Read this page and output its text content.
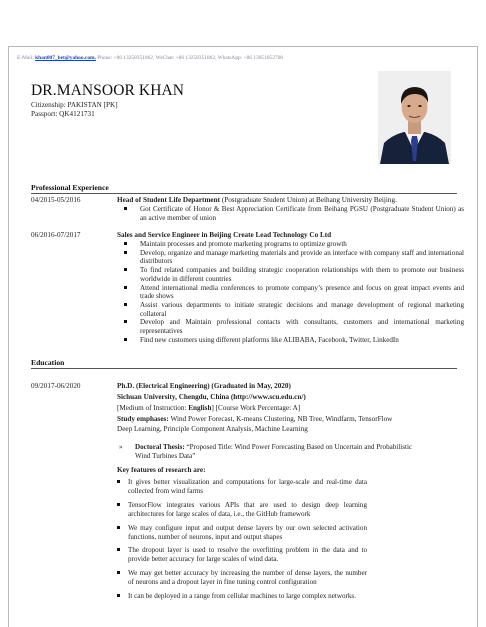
E-Mail: khan007_bet@yahoo.com, Phone: +86 13258351862, WeChat: +86 13258351862, WhatsApp: +86 13051052708
DR.MANSOOR KHAN
Citizenship: PAKISTAN [PK]
Passport: QK4121731
Professional Experience
04/2015-05/2016	Head of Student Life Department (Postgraduate Student Union) at Beihang University Beijing.
Got Certificate of Honor & Best Appreciation Certificate from Beihang PGSU (Postgraduate Student Union) as an active member of union
06/2016-07/2017	Sales and Service Engineer in Beijing Create Lead Technology Co Ltd
Maintain processes and promote marketing programs to optimize growth
Develop, organize and manage marketing materials and provide an interface with company staff and international distributors
To find related companies and building strategic cooperation relationships with them to promote our business worldwide in different countries
Attend international media conferences to promote company’s presence and focus on great impact events and trade shows
Assist various departments to initiate strategic decisions and manage development of regional marketing collateral
Develop and Maintain professional contacts with consultants, customers and international marketing representatives
Find new customers using different platforms like ALIBABA, Facebook, Twitter, LinkedIn
Education
09/2017-06/2020	Ph.D. (Electrical Engineering) (Graduated in May, 2020)
Sichuan University, Chengdu, China (http://www.scu.edu.cn/)
[Medium of Instruction: English] [Course Work Percentage: A]
Study emphases: Wind Power Forecast, K-means Clustering, NB Tree, Windfarm, TensorFlow
Deep Learning, Principle Component Analysis, Machine Learning
»	Doctoral Thesis: “Proposed Title: Wind Power Forecasting Based on Uncertain and Probabilistic Wind Turbines Data”
Key features of research are:
It gives better visualization and computations for large-scale and real-time data collected from wind farms
TensorFlow integrates various APIs that are used to design deep learning architectures for large scales of data, i.e., the GitHub framework
We may configure input and output dense layers by our own selected activation functions, number of neurons, input and output shapes
The dropout layer is used to resolve the overfitting problem in the data and to provide better accuracy for large scales of wind data.
We may get better accuracy by increasing the number of dense layers, the number of neurons and a dropout layer in fine tuning control configuration
It can be deployed in a range from cellular machines to large complex networks.
